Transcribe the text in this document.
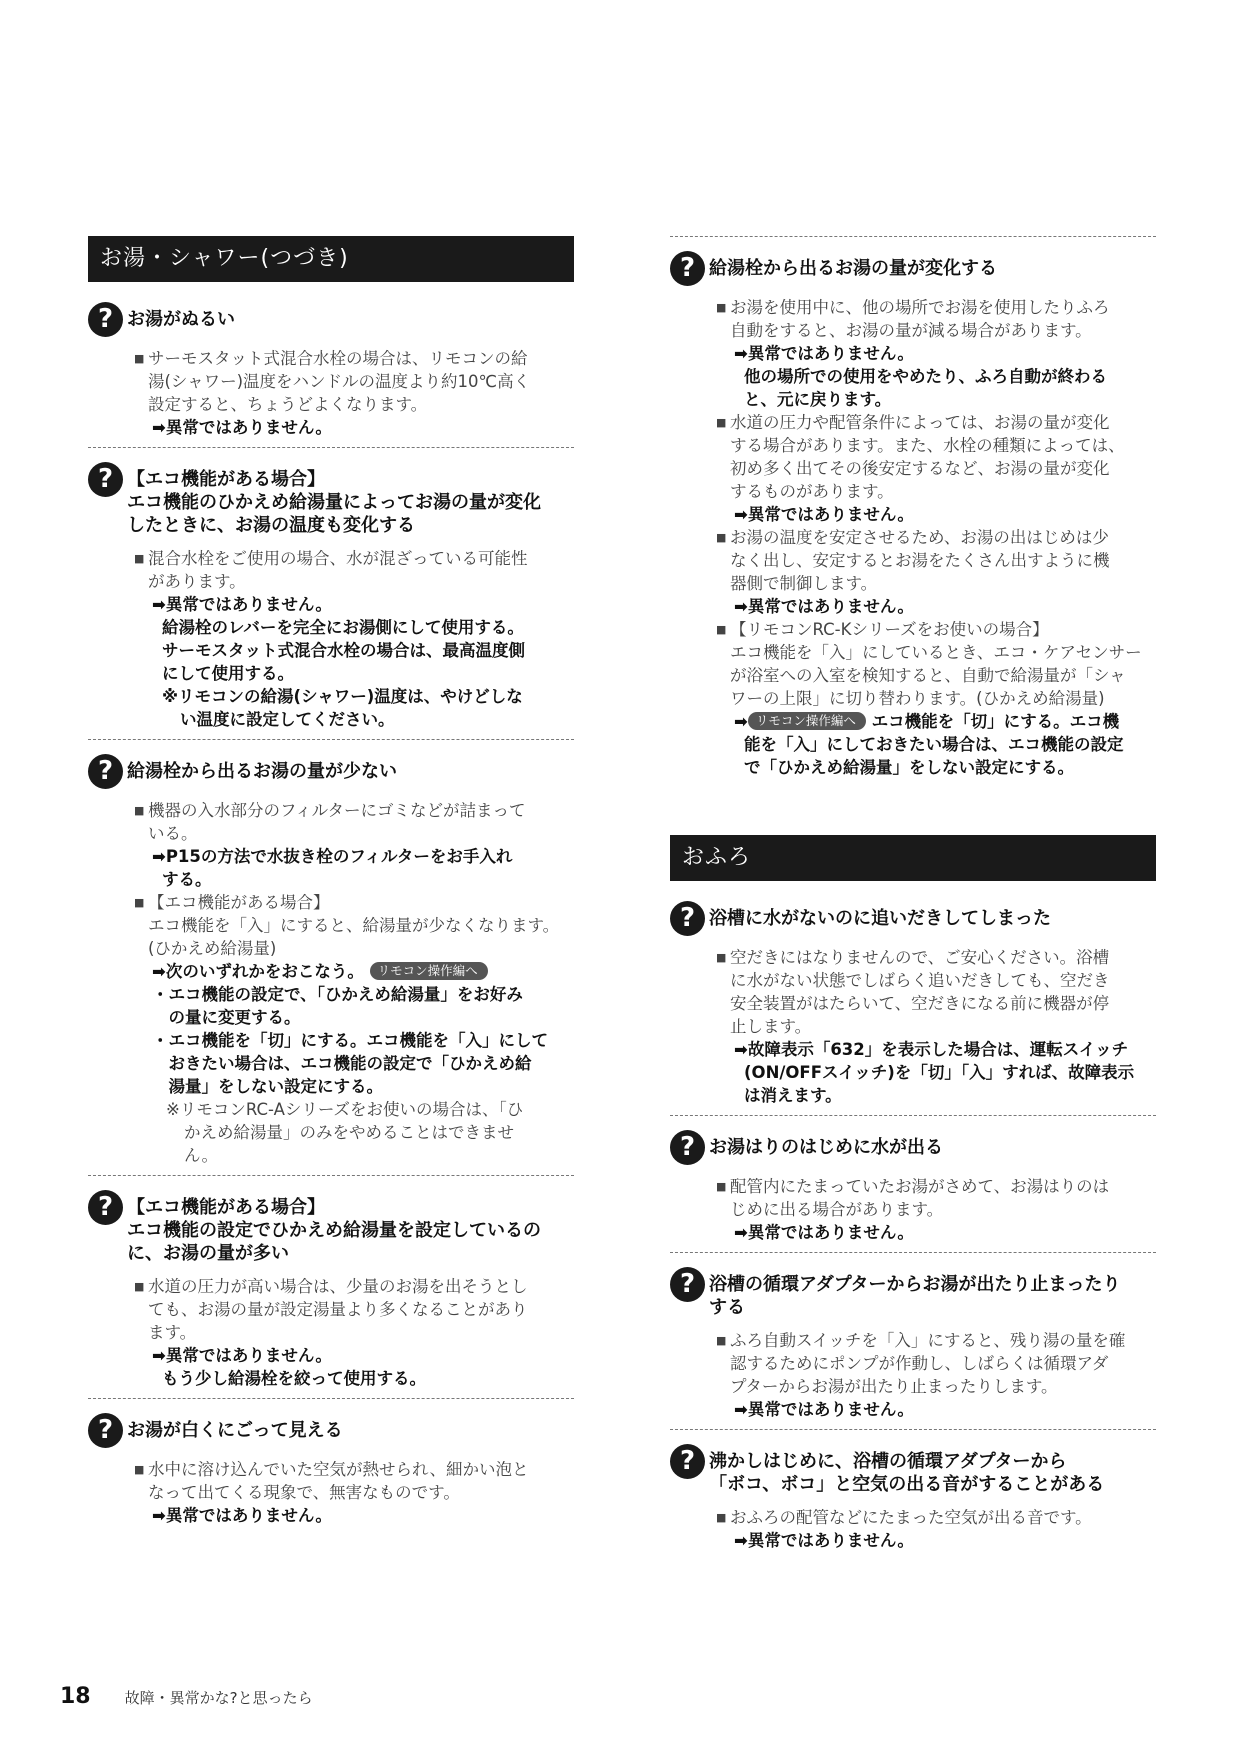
お湯・シャワー(つづき)
? お湯がぬるい
■ サーモスタット式混合水栓の場合は、リモコンの給
湯(シャワー)温度をハンドルの温度より約10℃高く
設定すると、ちょうどよくなります。
➡異常ではありません。
? 【エコ機能がある場合】
エコ機能のひかえめ給湯量によってお湯の量が変化
したときに、お湯の温度も変化する
■ 混合水栓をご使用の場合、水が混ざっている可能性
があります。
➡異常ではありません。
給湯栓のレバーを完全にお湯側にして使用する。
サーモスタット式混合水栓の場合は、最高温度側
にして使用する。
※リモコンの給湯(シャワー)温度は、やけどしな
い温度に設定してください。
? 給湯栓から出るお湯の量が少ない
■ 機器の入水部分のフィルターにゴミなどが詰まって
いる。
➡P15の方法で水抜き栓のフィルターをお手入れ
する。
■ 【エコ機能がある場合】
エコ機能を「入」にすると、給湯量が少なくなります。
(ひかえめ給湯量)
➡次のいずれかをおこなう。 リモコン操作編へ
・ エコ機能の設定で、「ひかえめ給湯量」をお好み
の量に変更する。
・ エコ機能を「切」にする。エコ機能を「入」にして
おきたい場合は、エコ機能の設定で「ひかえめ給
湯量」をしない設定にする。
※リモコンRC-Aシリーズをお使いの場合は、「ひ
かえめ給湯量」のみをやめることはできませ
ん。
? 【エコ機能がある場合】
エコ機能の設定でひかえめ給湯量を設定しているの
に、お湯の量が多い
■ 水道の圧力が高い場合は、少量のお湯を出そうとし
ても、お湯の量が設定湯量より多くなることがあり
ます。
➡異常ではありません。
もう少し給湯栓を絞って使用する。
? お湯が白くにごって見える
■ 水中に溶け込んでいた空気が熱せられ、細かい泡と
なって出てくる現象で、無害なものです。
➡異常ではありません。
? 給湯栓から出るお湯の量が変化する
■ お湯を使用中に、他の場所でお湯を使用したりふろ
自動をすると、お湯の量が減る場合があります。
➡異常ではありません。
他の場所での使用をやめたり、ふろ自動が終わる
と、元に戻ります。
■ 水道の圧力や配管条件によっては、お湯の量が変化
する場合があります。また、水栓の種類によっては、
初め多く出てその後安定するなど、お湯の量が変化
するものがあります。
➡異常ではありません。
■ お湯の温度を安定させるため、お湯の出はじめは少
なく出し、安定するとお湯をたくさん出すように機
器側で制御します。
➡異常ではありません。
■ 【リモコンRC-Kシリーズをお使いの場合】
エコ機能を「入」にしているとき、エコ・ケアセンサー
が浴室への入室を検知すると、自動で給湯量が「シャ
ワーの上限」に切り替わります。(ひかえめ給湯量)
➡ リモコン操作編へ エコ機能を「切」にする。エコ機
能を「入」にしておきたい場合は、エコ機能の設定
で「ひかえめ給湯量」をしない設定にする。
おふろ
? 浴槽に水がないのに追いだきしてしまった
■ 空だきにはなりませんので、ご安心ください。浴槽
に水がない状態でしばらく追いだきしても、空だき
安全装置がはたらいて、空だきになる前に機器が停
止します。
➡故障表示「632」を表示した場合は、運転スイッチ
(ON/OFFスイッチ)を「切」「入」すれば、故障表示
は消えます。
? お湯はりのはじめに水が出る
■ 配管内にたまっていたお湯がさめて、お湯はりのは
じめに出る場合があります。
➡異常ではありません。
? 浴槽の循環アダプターからお湯が出たり止まったり
する
■ ふろ自動スイッチを「入」にすると、残り湯の量を確
認するためにポンプが作動し、しばらくは循環アダ
プターからお湯が出たり止まったりします。
➡異常ではありません。
? 沸かしはじめに、浴槽の循環アダプターから
「ボコ、ボコ」と空気の出る音がすることがある
■ おふろの配管などにたまった空気が出る音です。
➡異常ではありません。
18 故障・異常かな?と思ったら
